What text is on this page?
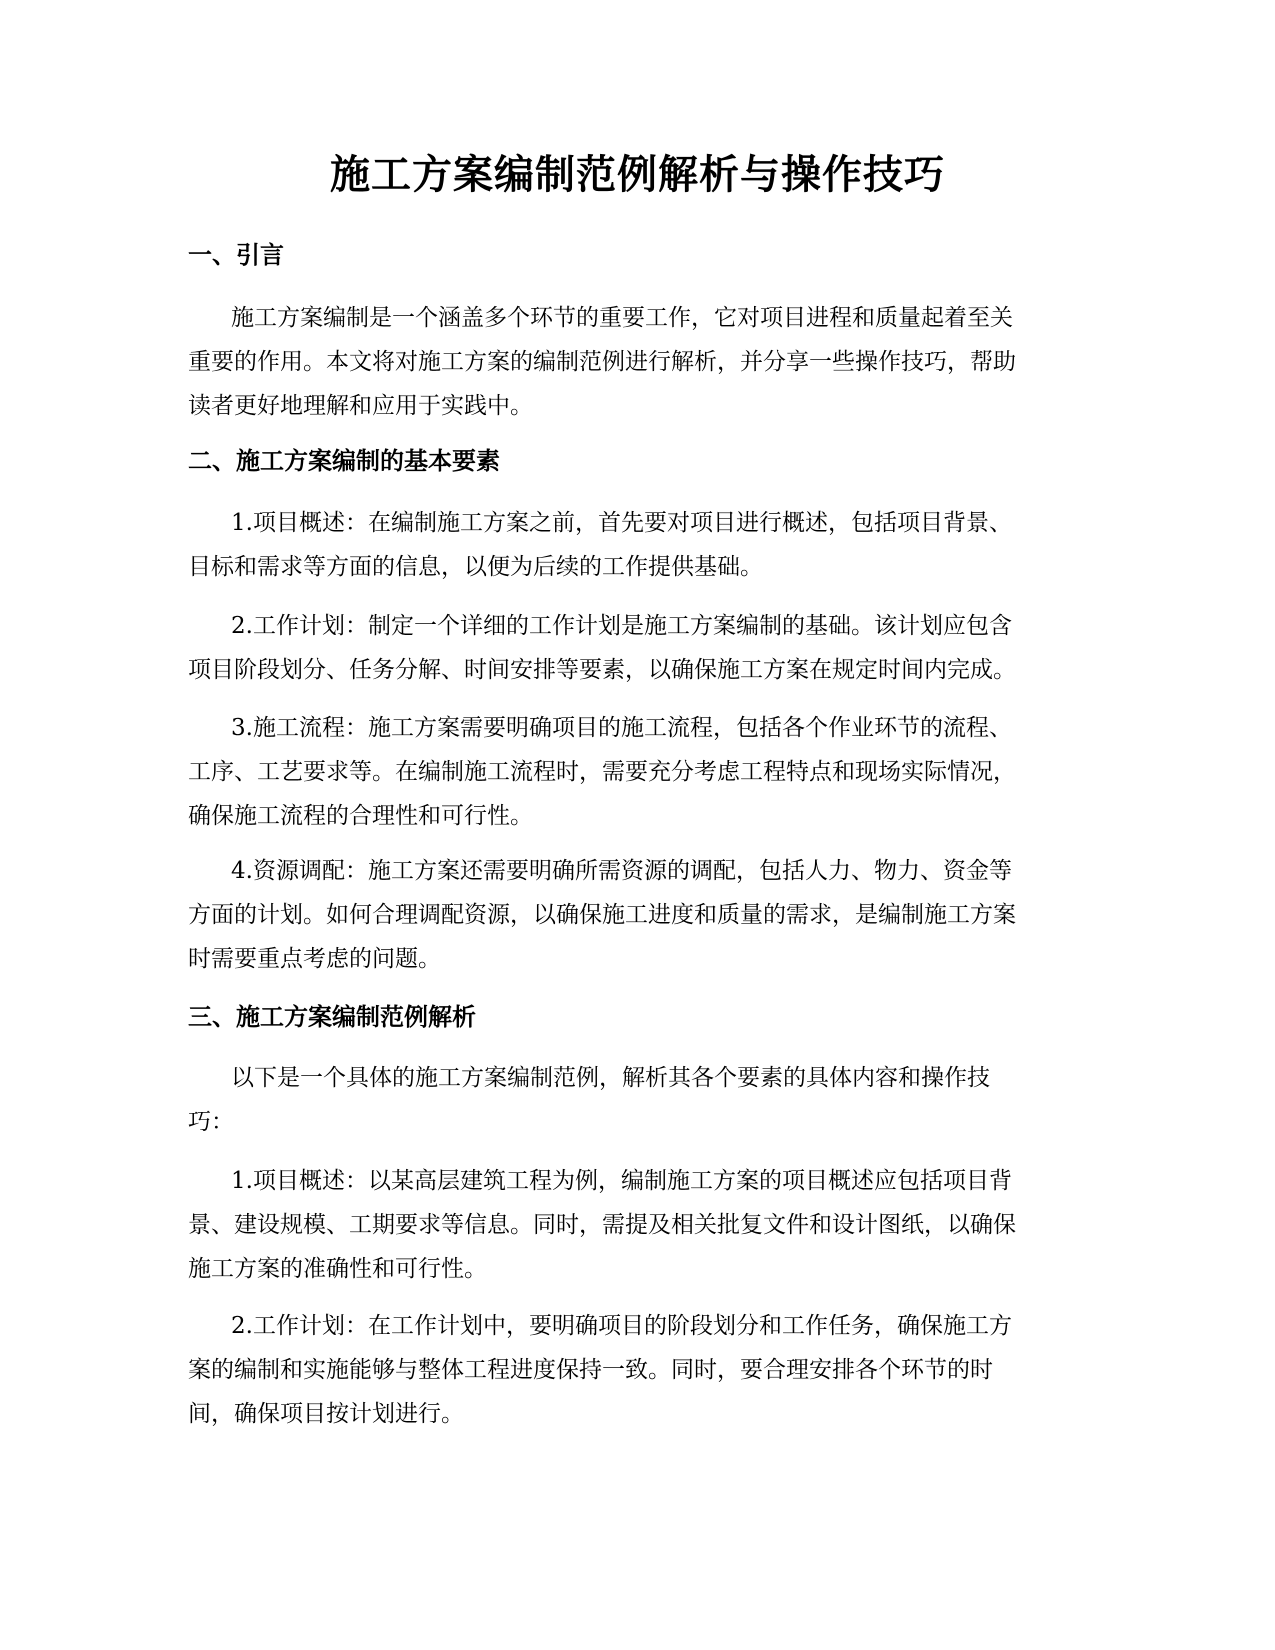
施工方案编制范例解析与操作技巧
一、引言
施工方案编制是一个涵盖多个环节的重要工作，它对项目进程和质量起着至关
重要的作用。本文将对施工方案的编制范例进行解析，并分享一些操作技巧，帮助
读者更好地理解和应用于实践中。
二、施工方案编制的基本要素
1.项目概述：在编制施工方案之前，首先要对项目进行概述，包括项目背景、
目标和需求等方面的信息，以便为后续的工作提供基础。
2.工作计划：制定一个详细的工作计划是施工方案编制的基础。该计划应包含
项目阶段划分、任务分解、时间安排等要素，以确保施工方案在规定时间内完成。
3.施工流程：施工方案需要明确项目的施工流程，包括各个作业环节的流程、
工序、工艺要求等。在编制施工流程时，需要充分考虑工程特点和现场实际情况，
确保施工流程的合理性和可行性。
4.资源调配：施工方案还需要明确所需资源的调配，包括人力、物力、资金等
方面的计划。如何合理调配资源，以确保施工进度和质量的需求，是编制施工方案
时需要重点考虑的问题。
三、施工方案编制范例解析
以下是一个具体的施工方案编制范例，解析其各个要素的具体内容和操作技
巧：
1.项目概述：以某高层建筑工程为例，编制施工方案的项目概述应包括项目背
景、建设规模、工期要求等信息。同时，需提及相关批复文件和设计图纸，以确保
施工方案的准确性和可行性。
2.工作计划：在工作计划中，要明确项目的阶段划分和工作任务，确保施工方
案的编制和实施能够与整体工程进度保持一致。同时，要合理安排各个环节的时
间，确保项目按计划进行。
